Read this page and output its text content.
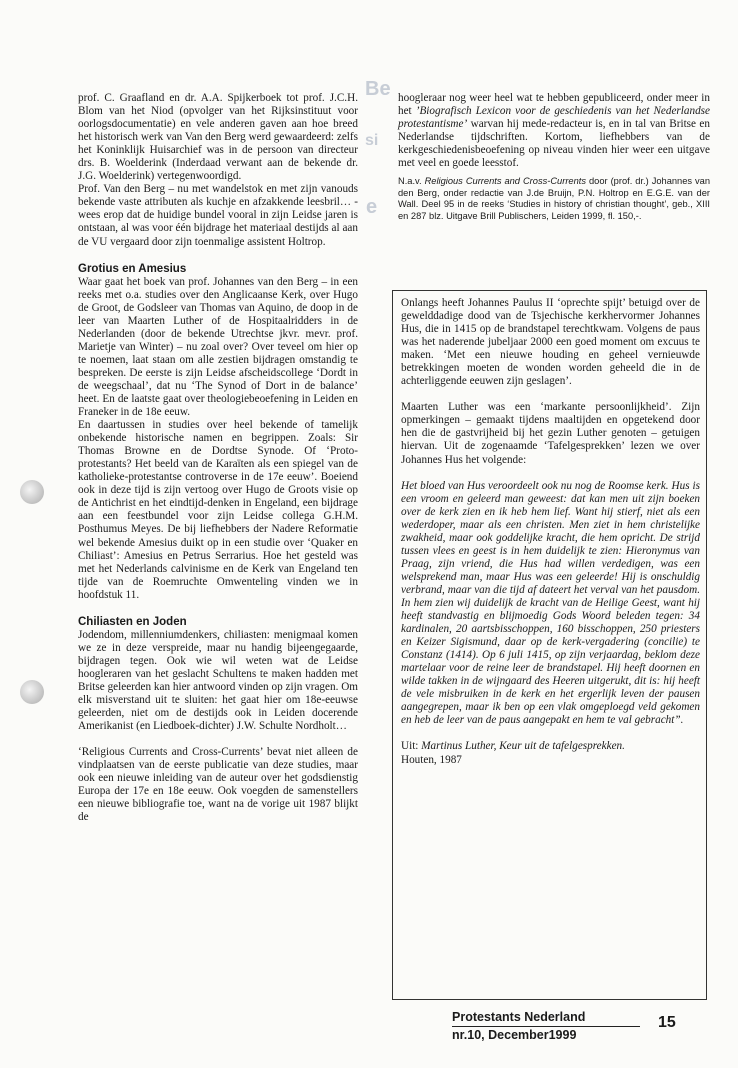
Be
si
e

prof. C. Graafland en dr. A.A. Spijkerboek tot prof. J.C.H. Blom van het Niod (opvolger van het Rijksinstituut voor oorlogsdocumentatie) en vele anderen gaven aan hoe breed het historisch werk van Van den Berg werd gewaardeerd: zelfs het Koninklijk Huisarchief was in de persoon van directeur drs. B. Woelderink (Inderdaad verwant aan de bekende dr. J.G. Woelderink) vertegenwoordigd.

Prof. Van den Berg – nu met wandelstok en met zijn vanouds bekende vaste attributen als kuchje en afzakkende leesbril… - wees erop dat de huidige bundel vooral in zijn Leidse jaren is ontstaan, al was voor één bijdrage het materiaal destijds al aan de VU vergaard door zijn toenmalige assistent Holtrop.

Grotius en Amesius

Waar gaat het boek van prof. Johannes van den Berg – in een reeks met o.a. studies over den Anglicaanse Kerk, over Hugo de Groot, de Godsleer van Thomas van Aquino, de doop in de leer van Maarten Luther of de Hospitaalridders in de Nederlanden (door de bekende Utrechtse jkvr. mevr. prof. Marietje van Winter) – nu zoal over? Over teveel om hier op te noemen, laat staan om alle zestien bijdragen omstandig te bespreken. De eerste is zijn Leidse afscheidscollege ‘Dordt in de weegschaal’, dat nu ‘The Synod of Dort in de balance’ heet. En de laatste gaat over theologiebeoefening in Leiden en Franeker in de 18e eeuw.

En daartussen in studies over heel bekende of tamelijk onbekende historische namen en begrippen. Zoals: Sir Thomas Browne en de Dordtse Synode. Of ‘Proto-protestants? Het beeld van de Karaïten als een spiegel van de katholieke-protestantse controverse in de 17e eeuw’. Boeiend ook in deze tijd is zijn vertoog over Hugo de Groots visie op de Antichrist en het eindtijd-denken in Engeland, een bijdrage aan een feestbundel voor zijn Leidse collega G.H.M. Posthumus Meyes. De bij liefhebbers der Nadere Reformatie wel bekende Amesius duikt op in een studie over ‘Quaker en Chiliast’: Amesius en Petrus Serrarius. Hoe het gesteld was met het Nederlands calvinisme en de Kerk van Engeland ten tijde van de Roemruchte Omwenteling vinden we in hoofdstuk 11.

Chiliasten en Joden

Jodendom, millenniumdenkers, chiliasten: menigmaal komen we ze in deze verspreide, maar nu handig bijeengegaarde, bijdragen tegen. Ook wie wil weten wat de Leidse hoogleraren van het geslacht Schultens te maken hadden met Britse geleerden kan hier antwoord vinden op zijn vragen. Om elk misverstand uit te sluiten: het gaat hier om 18e-eeuwse geleerden, niet om de destijds ook in Leiden docerende Amerikanist (en Liedboek-dichter) J.W. Schulte Nordholt…

‘Religious Currents and Cross-Currents’ bevat niet alleen de vindplaatsen van de eerste publicatie van deze studies, maar ook een nieuwe inleiding van de auteur over het godsdienstig Europa der 17e en 18e eeuw. Ook voegden de samenstellers een nieuwe bibliografie toe, want na de vorige uit 1987 blijkt de

hoogleraar nog weer heel wat te hebben gepubliceerd, onder meer in het ’Biografisch Lexicon voor de geschiedenis van het Nederlandse protestantisme’ warvan hij mede-redacteur is, en in tal van Britse en Nederlandse tijdschriften. Kortom, liefhebbers van de kerkgeschiedenisbeoefening op niveau vinden hier weer een uitgave met veel en goede leesstof.

N.a.v. Religious Currents and Cross-Currents door (prof. dr.) Johannes van den Berg, onder redactie van J.de Bruijn, P.N. Holtrop en E.G.E. van der Wall. Deel 95 in de reeks ‘Studies in history of christian thought’, geb., XIII en 287 blz. Uitgave Brill Publischers, Leiden 1999, fl. 150,-.

Onlangs heeft Johannes Paulus II ‘oprechte spijt’ betuigd over de gewelddadige dood van de Tsjechische kerkhervormer Johannes Hus, die in 1415 op de brandstapel terechtkwam. Volgens de paus was het naderende jubeljaar 2000 een goed moment om excuus te maken. ‘Met een nieuwe houding en geheel vernieuwde betrekkingen moeten de wonden worden geheeld die in de achterliggende eeuwen zijn geslagen’.

Maarten Luther was een ‘markante persoonlijkheid’. Zijn opmerkingen – gemaakt tijdens maaltijden en opgetekend door hen die de gastvrijheid bij het gezin Luther genoten – getuigen hiervan. Uit de zogenaamde ‘Tafelgesprekken’ lezen we over Johannes Hus het volgende:

Het bloed van Hus veroordeelt ook nu nog de Roomse kerk. Hus is een vroom en geleerd man geweest: dat kan men uit zijn boeken over de kerk zien en ik heb hem lief. Want hij stierf, niet als een wederdoper, maar als een christen. Men ziet in hem christelijke zwakheid, maar ook goddelijke kracht, die hem opricht. De strijd tussen vlees en geest is in hem duidelijk te zien: Hieronymus van Praag, zijn vriend, die Hus had willen verdedigen, was een welsprekend man, maar Hus was een geleerde! Hij is onschuldig verbrand, maar van die tijd af dateert het verval van het pausdom. In hem zien wij duidelijk de kracht van de Heilige Geest, want hij heeft standvastig en blijmoedig Gods Woord beleden tegen: 34 kardinalen, 20 aartsbisschoppen, 160 bisschoppen, 250 priesters en Keizer Sigismund, daar op de kerk-vergadering (concilie) te Constanz (1414). Op 6 juli 1415, op zijn verjaardag, beklom deze martelaar voor de reine leer de brandstapel. Hij heeft doornen en wilde takken in de wijngaard des Heeren uitgerukt, dit is: hij heeft de vele misbruiken in de kerk en het ergerlijk leven der pausen aangegrepen, maar ik ben op een vlak omgeploegd veld gekomen en heb de leer van de paus aangepakt en hem te val gebracht”.

Uit: Martinus Luther, Keur uit de tafelgesprekken.
Houten, 1987

Protestants Nederland
nr.10, December1999
15
